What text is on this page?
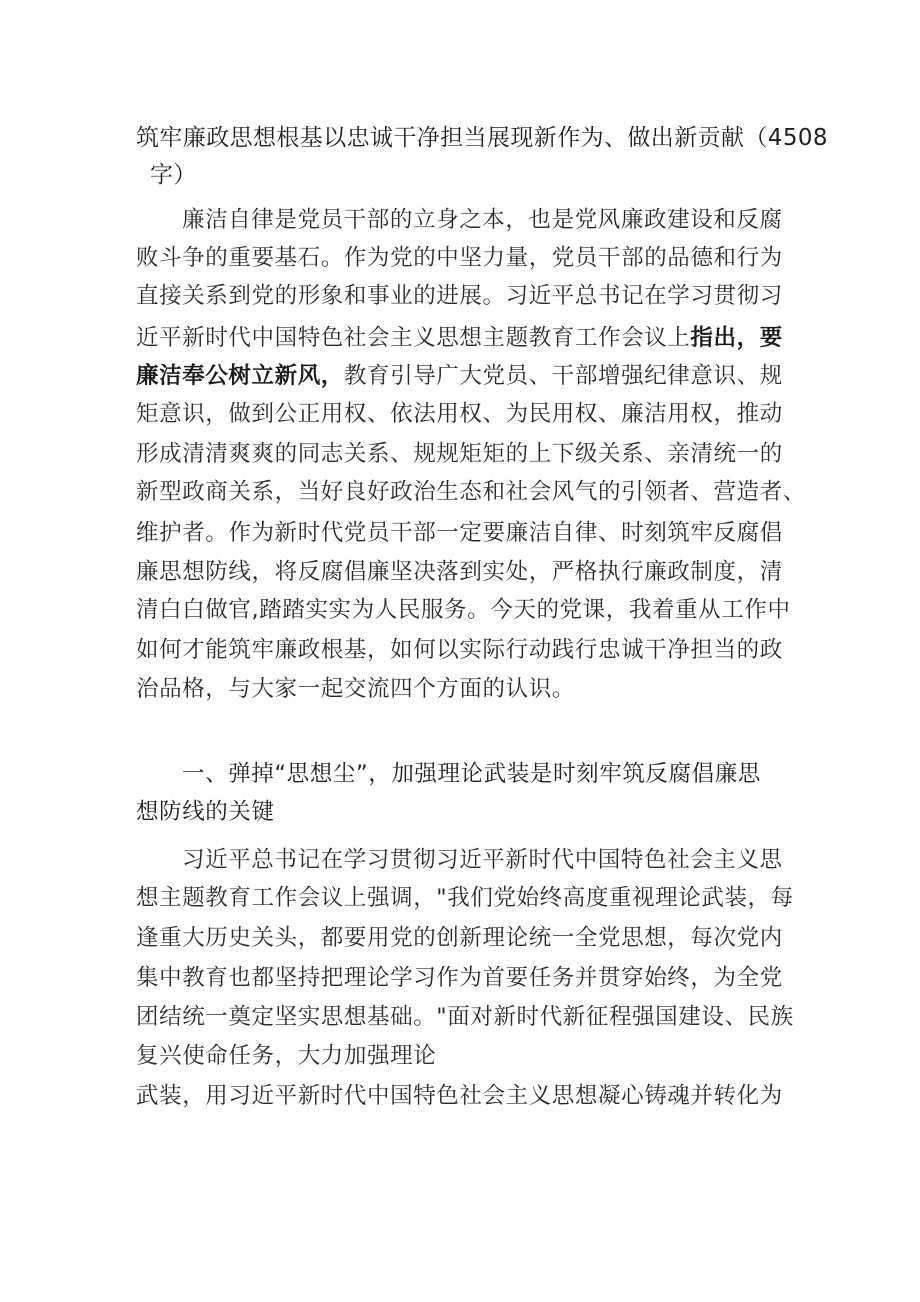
筑牢廉政思想根基以忠诚干净担当展现新作为、做出新贡献（4508
字）
廉洁自律是党员干部的立身之本，也是党风廉政建设和反腐
败斗争的重要基石。作为党的中坚力量，党员干部的品德和行为
直接关系到党的形象和事业的进展。习近平总书记在学习贯彻习
近平新时代中国特色社会主义思想主题教育工作会议上指出，要
廉洁奉公树立新风，教育引导广大党员、干部增强纪律意识、规
矩意识，做到公正用权、依法用权、为民用权、廉洁用权，推动
形成清清爽爽的同志关系、规规矩矩的上下级关系、亲清统一的
新型政商关系，当好良好政治生态和社会风气的引领者、营造者、
维护者。作为新时代党员干部一定要廉洁自律、时刻筑牢反腐倡
廉思想防线，将反腐倡廉坚决落到实处，严格执行廉政制度，清
清白白做官,踏踏实实为人民服务。今天的党课，我着重从工作中
如何才能筑牢廉政根基，如何以实际行动践行忠诚干净担当的政
治品格，与大家一起交流四个方面的认识。
一、弹掉“思想尘”，加强理论武装是时刻牢筑反腐倡廉思
想防线的关键
习近平总书记在学习贯彻习近平新时代中国特色社会主义思
想主题教育工作会议上强调，"我们党始终高度重视理论武装，每
逢重大历史关头，都要用党的创新理论统一全党思想，每次党内
集中教育也都坚持把理论学习作为首要任务并贯穿始终，为全党
团结统一奠定坚实思想基础。"面对新时代新征程强国建设、民族
复兴使命任务，大力加强理论
武装，用习近平新时代中国特色社会主义思想凝心铸魂并转化为
